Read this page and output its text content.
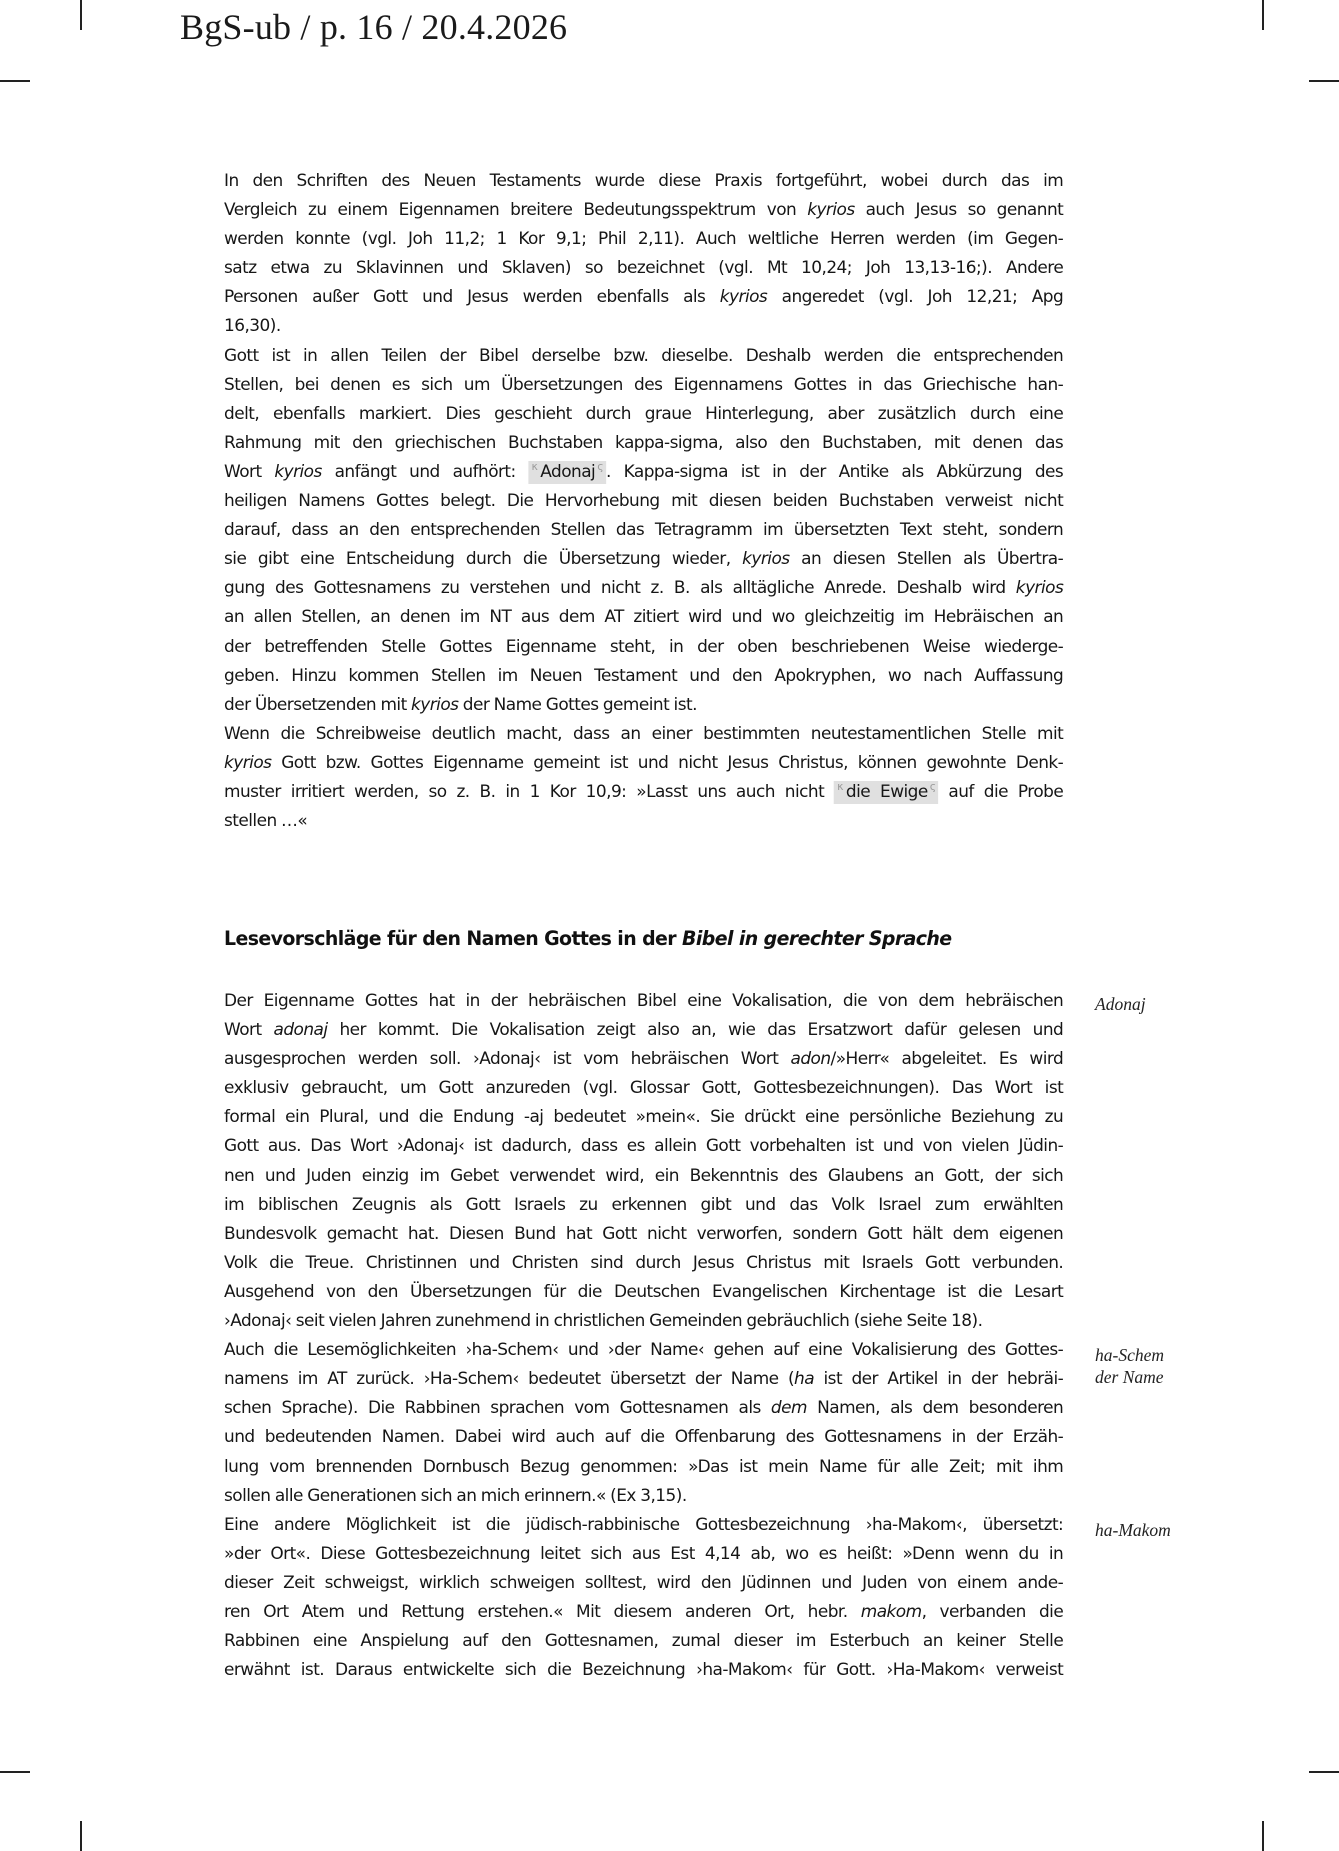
BgS-ub / p. 16 / 20.4.2026

In den Schriften des Neuen Testaments wurde diese Praxis fortgeführt, wobei durch das im
Vergleich zu einem Eigennamen breitere Bedeutungsspektrum von kyrios auch Jesus so genannt
werden konnte (vgl. Joh 11,2; 1 Kor 9,1; Phil 2,11). Auch weltliche Herren werden (im Gegen-
satz etwa zu Sklavinnen und Sklaven) so bezeichnet (vgl. Mt 10,24; Joh 13,13-16;). Andere
Personen außer Gott und Jesus werden ebenfalls als kyrios angeredet (vgl. Joh 12,21; Apg
16,30).

Gott ist in allen Teilen der Bibel derselbe bzw. dieselbe. Deshalb werden die entsprechenden
Stellen, bei denen es sich um Übersetzungen des Eigennamens Gottes in das Griechische han-
delt, ebenfalls markiert. Dies geschieht durch graue Hinterlegung, aber zusätzlich durch eine
Rahmung mit den griechischen Buchstaben kappa-sigma, also den Buchstaben, mit denen das
Wort kyrios anfängt und aufhört: $^\kappa$ Adonaj $^\varsigma$ . Kappa-sigma ist in der Antike als Abkürzung des
heiligen Namens Gottes belegt. Die Hervorhebung mit diesen beiden Buchstaben verweist nicht
darauf, dass an den entsprechenden Stellen das Tetragramm im übersetzten Text steht, sondern
sie gibt eine Entscheidung durch die Übersetzung wieder, kyrios an diesen Stellen als Übertra-
gung des Gottesnamens zu verstehen und nicht z. B. als alltägliche Anrede. Deshalb wird kyrios
an allen Stellen, an denen im NT aus dem AT zitiert wird und wo gleichzeitig im Hebräischen an
der betreffenden Stelle Gottes Eigenname steht, in der oben beschriebenen Weise wiederge-
geben. Hinzu kommen Stellen im Neuen Testament und den Apokryphen, wo nach Auffassung
der Übersetzenden mit kyrios der Name Gottes gemeint ist.

Wenn die Schreibweise deutlich macht, dass an einer bestimmten neutestamentlichen Stelle mit
kyrios Gott bzw. Gottes Eigenname gemeint ist und nicht Jesus Christus, können gewohnte Denk-
muster irritiert werden, so z. B. in 1 Kor 10,9: »Lasst uns auch nicht $^\kappa$ die Ewige $^\varsigma$ auf die Probe
stellen …«

Lesevorschläge für den Namen Gottes in der Bibel in gerechter Sprache

Der Eigenname Gottes hat in der hebräischen Bibel eine Vokalisation, die von dem hebräischen
Wort adonaj her kommt. Die Vokalisation zeigt also an, wie das Ersatzwort dafür gelesen und
ausgesprochen werden soll. ›Adonaj‹ ist vom hebräischen Wort adon/»Herr« abgeleitet. Es wird
exklusiv gebraucht, um Gott anzureden (vgl. Glossar Gott, Gottesbezeichnungen). Das Wort ist
formal ein Plural, und die Endung -aj bedeutet »mein«. Sie drückt eine persönliche Beziehung zu
Gott aus. Das Wort ›Adonaj‹ ist dadurch, dass es allein Gott vorbehalten ist und von vielen Jüdin-
nen und Juden einzig im Gebet verwendet wird, ein Bekenntnis des Glaubens an Gott, der sich
im biblischen Zeugnis als Gott Israels zu erkennen gibt und das Volk Israel zum erwählten
Bundesvolk gemacht hat. Diesen Bund hat Gott nicht verworfen, sondern Gott hält dem eigenen
Volk die Treue. Christinnen und Christen sind durch Jesus Christus mit Israels Gott verbunden.
Ausgehend von den Übersetzungen für die Deutschen Evangelischen Kirchentage ist die Lesart
›Adonaj‹ seit vielen Jahren zunehmend in christlichen Gemeinden gebräuchlich (siehe Seite 18).

Auch die Lesemöglichkeiten ›ha-Schem‹ und ›der Name‹ gehen auf eine Vokalisierung des Gottes-
namens im AT zurück. ›Ha-Schem‹ bedeutet übersetzt der Name (ha ist der Artikel in der hebräi-
schen Sprache). Die Rabbinen sprachen vom Gottesnamen als dem Namen, als dem besonderen
und bedeutenden Namen. Dabei wird auch auf die Offenbarung des Gottesnamens in der Erzäh-
lung vom brennenden Dornbusch Bezug genommen: »Das ist mein Name für alle Zeit; mit ihm
sollen alle Generationen sich an mich erinnern.« (Ex 3,15).

Eine andere Möglichkeit ist die jüdisch-rabbinische Gottesbezeichnung ›ha-Makom‹, übersetzt:
»der Ort«. Diese Gottesbezeichnung leitet sich aus Est 4,14 ab, wo es heißt: »Denn wenn du in
dieser Zeit schweigst, wirklich schweigen solltest, wird den Jüdinnen und Juden von einem ande-
ren Ort Atem und Rettung erstehen.« Mit diesem anderen Ort, hebr. makom, verbanden die
Rabbinen eine Anspielung auf den Gottesnamen, zumal dieser im Esterbuch an keiner Stelle
erwähnt ist. Daraus entwickelte sich die Bezeichnung ›ha-Makom‹ für Gott. ›Ha-Makom‹ verweist

Adonaj
ha-Schem
der Name
ha-Makom
